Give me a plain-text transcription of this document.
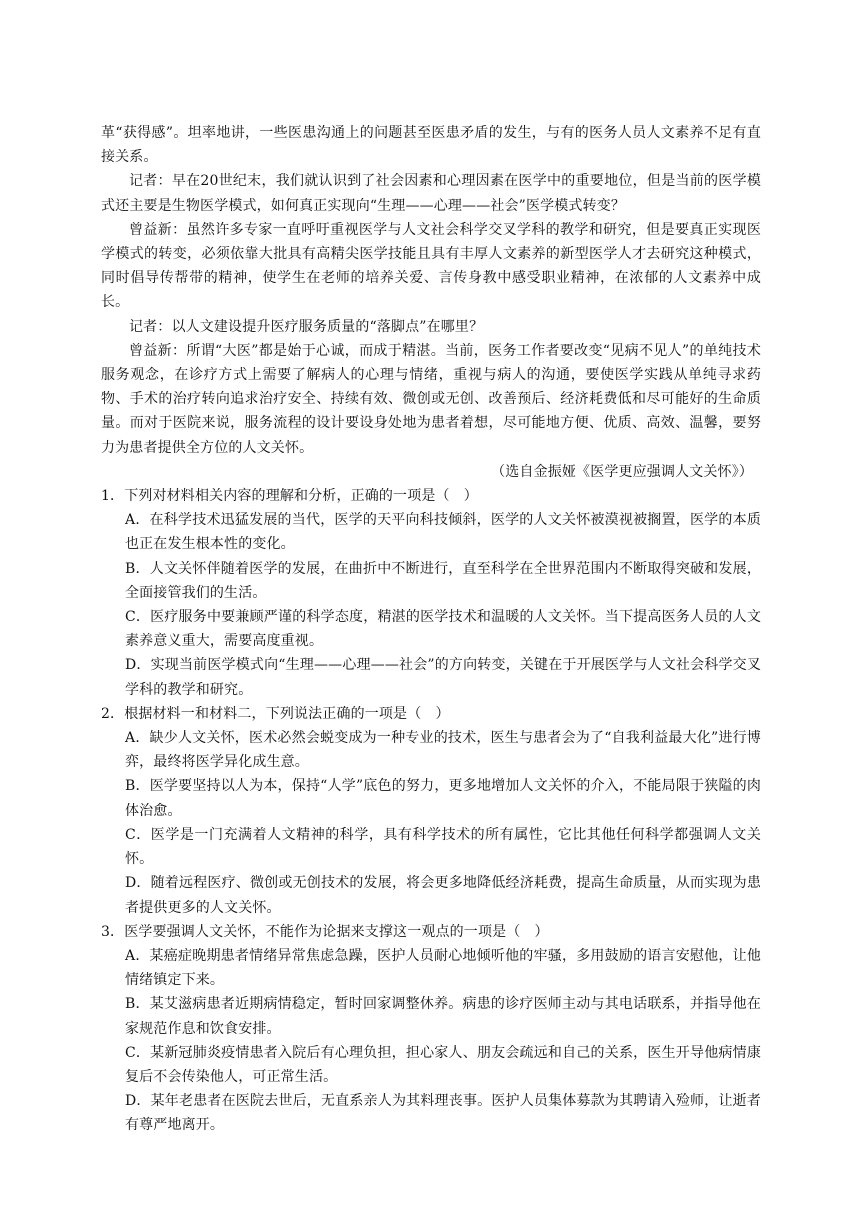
革“获得感”。坦率地讲，一些医患沟通上的问题甚至医患矛盾的发生，与有的医务人员人文素养不足有直接关系。

记者：早在20世纪末，我们就认识到了社会因素和心理因素在医学中的重要地位，但是当前的医学模式还主要是生物医学模式，如何真正实现向“生理——心理——社会”医学模式转变？

曾益新：虽然许多专家一直呼吁重视医学与人文社会科学交叉学科的教学和研究，但是要真正实现医学模式的转变，必须依靠大批具有高精尖医学技能且具有丰厚人文素养的新型医学人才去研究这种模式，同时倡导传帮带的精神，使学生在老师的培养关爱、言传身教中感受职业精神，在浓郁的人文素养中成长。

记者：以人文建设提升医疗服务质量的“落脚点”在哪里？

曾益新：所谓“大医”都是始于心诚，而成于精湛。当前，医务工作者要改变“见病不见人”的单纯技术服务观念，在诊疗方式上需要了解病人的心理与情绪，重视与病人的沟通，要使医学实践从单纯寻求药物、手术的治疗转向追求治疗安全、持续有效、微创或无创、改善预后、经济耗费低和尽可能好的生命质量。而对于医院来说，服务流程的设计要设身处地为患者着想，尽可能地方便、优质、高效、温馨，要努力为患者提供全方位的人文关怀。

（选自金振娅《医学更应强调人文关怀》）

1．下列对材料相关内容的理解和分析，正确的一项是（　）

A．在科学技术迅猛发展的当代，医学的天平向科技倾斜，医学的人文关怀被漠视被搁置，医学的本质也正在发生根本性的变化。

B．人文关怀伴随着医学的发展，在曲折中不断进行，直至科学在全世界范围内不断取得突破和发展，全面接管我们的生活。

C．医疗服务中要兼顾严谨的科学态度，精湛的医学技术和温暖的人文关怀。当下提高医务人员的人文素养意义重大，需要高度重视。

D．实现当前医学模式向“生理——心理——社会”的方向转变，关键在于开展医学与人文社会科学交叉学科的教学和研究。

2．根据材料一和材料二，下列说法正确的一项是（　）

A．缺少人文关怀，医术必然会蜕变成为一种专业的技术，医生与患者会为了“自我利益最大化”进行博弈，最终将医学异化成生意。

B．医学要坚持以人为本，保持“人学”底色的努力，更多地增加人文关怀的介入，不能局限于狭隘的肉体治愈。

C．医学是一门充满着人文精神的科学，具有科学技术的所有属性，它比其他任何科学都强调人文关怀。

D．随着远程医疗、微创或无创技术的发展，将会更多地降低经济耗费，提高生命质量，从而实现为患者提供更多的人文关怀。

3．医学要强调人文关怀，不能作为论据来支撑这一观点的一项是（　）

A．某癌症晚期患者情绪异常焦虑急躁，医护人员耐心地倾听他的牢骚，多用鼓励的语言安慰他，让他情绪镇定下来。

B．某艾滋病患者近期病情稳定，暂时回家调整休养。病患的诊疗医师主动与其电话联系，并指导他在家规范作息和饮食安排。

C．某新冠肺炎疫情患者入院后有心理负担，担心家人、朋友会疏远和自己的关系，医生开导他病情康复后不会传染他人，可正常生活。

D．某年老患者在医院去世后，无直系亲人为其料理丧事。医护人员集体募款为其聘请入殓师，让逝者有尊严地离开。
